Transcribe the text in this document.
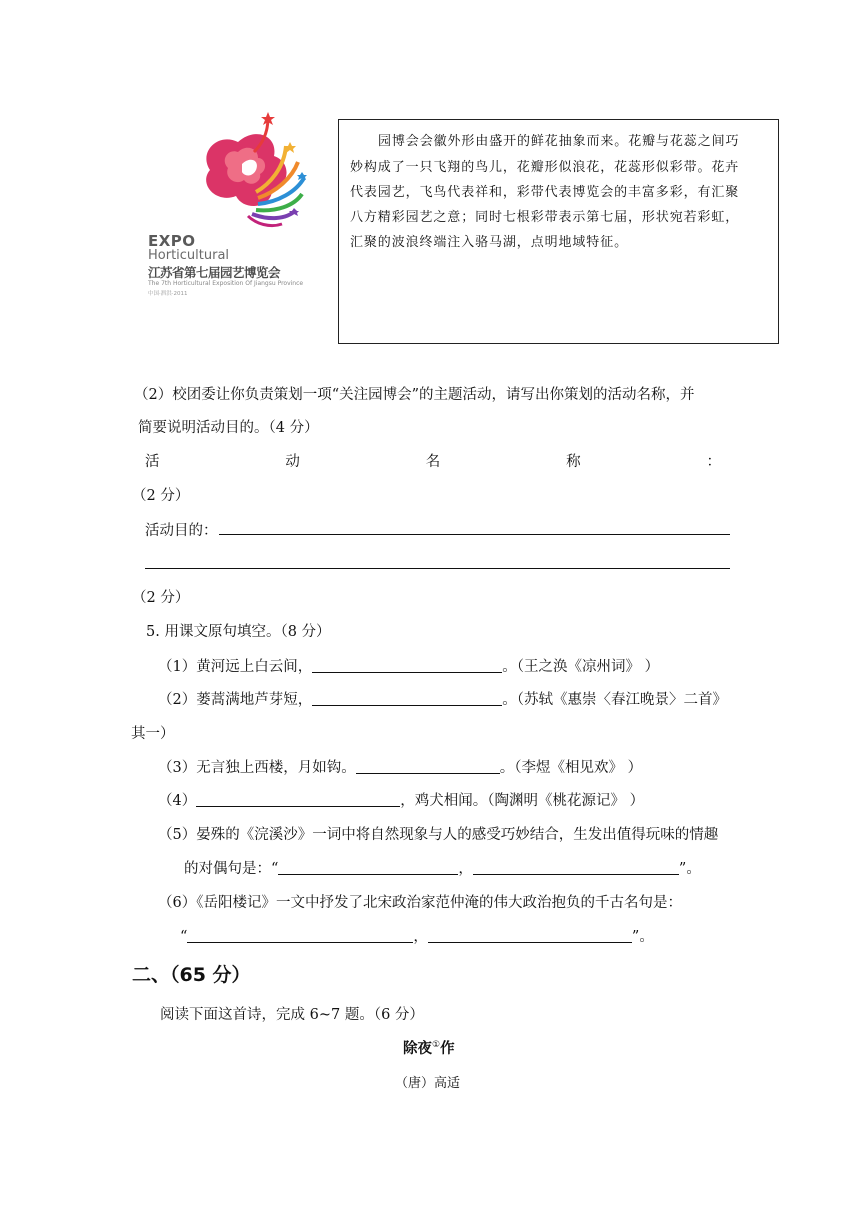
EXPO
Horticultural
江苏省第七届园艺博览会
The 7th Horticultural Exposition Of Jiangsu Province
中国·泗洪·2011
园博会会徽外形由盛开的鲜花抽象而来。花瓣与花蕊之间巧
妙构成了一只飞翔的鸟儿，花瓣形似浪花，花蕊形似彩带。花卉
代表园艺，飞鸟代表祥和，彩带代表博览会的丰富多彩，有汇聚
八方精彩园艺之意；同时七根彩带表示第七届，形状宛若彩虹，
汇聚的波浪终端注入骆马湖，点明地域特征。
（2）校团委让你负责策划一项“关注园博会”的主题活动，请写出你策划的活动名称，并
简要说明活动目的。（4 分）
活	动	名	称	：
（2 分）
活动目的：
（2 分）
5. 用课文原句填空。（8 分）
（1）黄河远上白云间，	。（王之涣《凉州词》 ）
（2）蒌蒿满地芦芽短，	。（苏轼《惠崇〈春江晚景〉二首》
其一）
（3）无言独上西楼，月如钩。	。（李煜《相见欢》 ）
（4）	，鸡犬相闻。（陶渊明《桃花源记》 ）
（5）晏殊的《浣溪沙》一词中将自然现象与人的感受巧妙结合，生发出值得玩味的情趣
的对偶句是：“	，	”。
（6）《岳阳楼记》一文中抒发了北宋政治家范仲淹的伟大政治抱负的千古名句是：
“	，	”。
二、（65 分）
阅读下面这首诗，完成 6~7 题。（6 分）
除夜①作
（唐）高适
